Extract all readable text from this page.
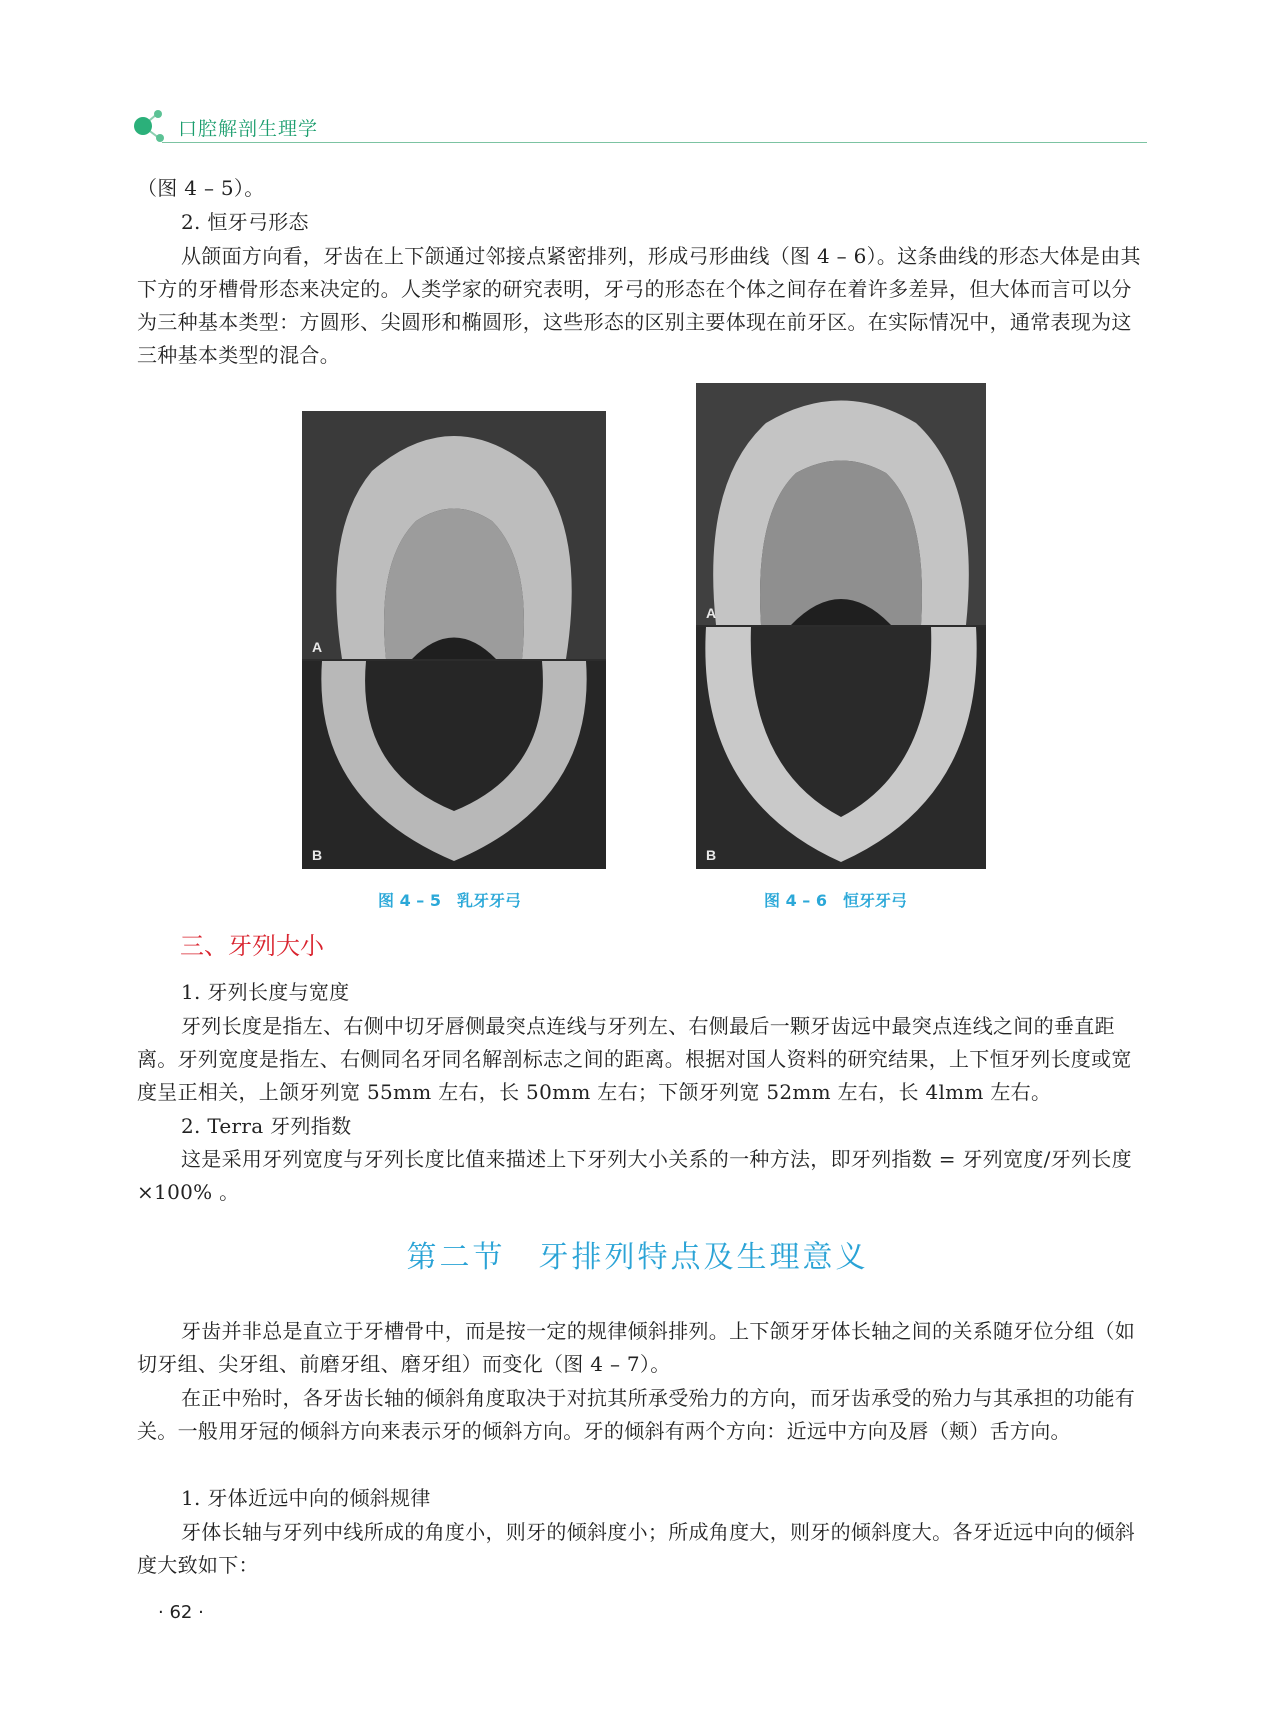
口腔解剖生理学
（图 4 – 5）。
2. 恒牙弓形态
从颌面方向看，牙齿在上下颌通过邻接点紧密排列，形成弓形曲线（图 4 – 6）。这条曲线的形态大体是由其下方的牙槽骨形态来决定的。人类学家的研究表明，牙弓的形态在个体之间存在着许多差异，但大体而言可以分为三种基本类型：方圆形、尖圆形和椭圆形，这些形态的区别主要体现在前牙区。在实际情况中，通常表现为这三种基本类型的混合。
A
B
图 4 – 5　乳牙牙弓
A
B
图 4 – 6　恒牙牙弓
三、牙列大小
1. 牙列长度与宽度
牙列长度是指左、右侧中切牙唇侧最突点连线与牙列左、右侧最后一颗牙齿远中最突点连线之间的垂直距离。牙列宽度是指左、右侧同名牙同名解剖标志之间的距离。根据对国人资料的研究结果，上下恒牙列长度或宽度呈正相关，上颌牙列宽 55mm 左右，长 50mm 左右；下颌牙列宽 52mm 左右，长 4lmm 左右。
2. Terra 牙列指数
这是采用牙列宽度与牙列长度比值来描述上下牙列大小关系的一种方法，即牙列指数 = 牙列宽度/牙列长度 ×100% 。
第二节　牙排列特点及生理意义
牙齿并非总是直立于牙槽骨中，而是按一定的规律倾斜排列。上下颌牙牙体长轴之间的关系随牙位分组（如切牙组、尖牙组、前磨牙组、磨牙组）而变化（图 4 – 7）。
在正中殆时，各牙齿长轴的倾斜角度取决于对抗其所承受殆力的方向，而牙齿承受的殆力与其承担的功能有关。一般用牙冠的倾斜方向来表示牙的倾斜方向。牙的倾斜有两个方向：近远中方向及唇（颊）舌方向。
1. 牙体近远中向的倾斜规律
牙体长轴与牙列中线所成的角度小，则牙的倾斜度小；所成角度大，则牙的倾斜度大。各牙近远中向的倾斜度大致如下：
· 62 ·
